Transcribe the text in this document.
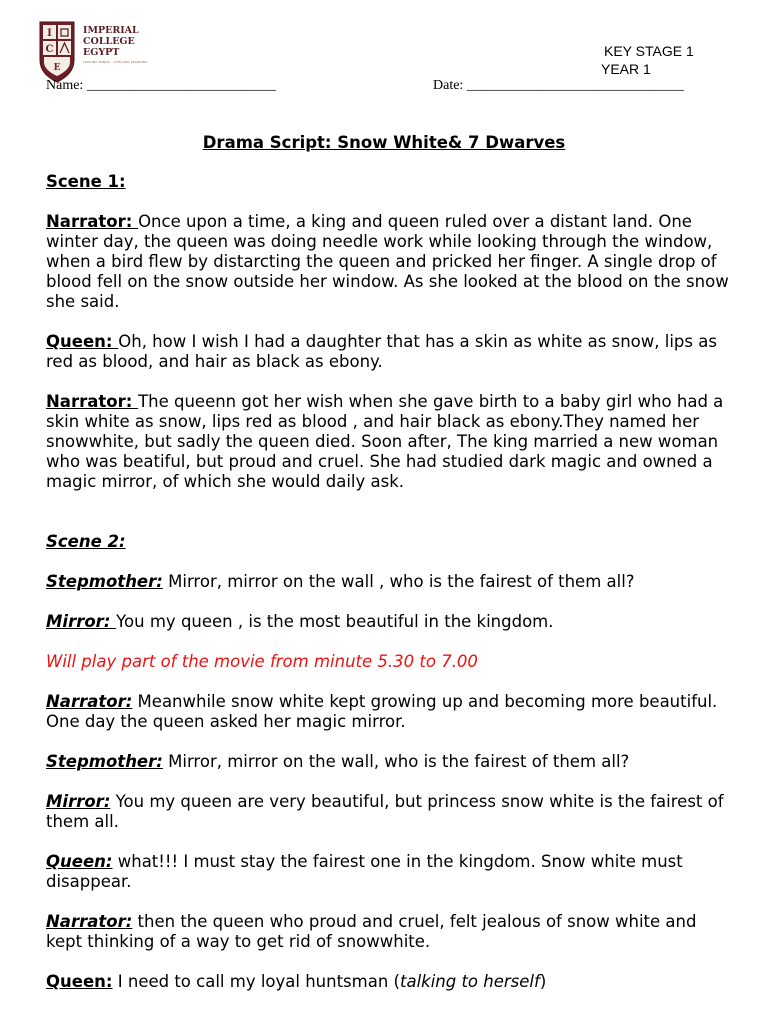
I
C
E
IMPERIAL
COLLEGE
EGYPT
LEADING MINDS · LIFELONG LEARNING
KEY STAGE 1
YEAR 1
Name: ___________________________	Date: _______________________________
Drama Script: Snow White& 7 Dwarves

Scene 1:

Narrator: Once upon a time, a king and queen ruled over a distant land. One winter day, the queen was doing needle work while looking through the window, when a bird flew by distarcting the queen and pricked her finger. A single drop of blood fell on the snow outside her window. As she looked at the blood on the snow she said.

Queen: Oh, how I wish I had a daughter that has a skin as white as snow, lips as red as blood, and hair as black as ebony.

Narrator: The queenn got her wish when she gave birth to a baby girl who had a skin white as snow, lips red as blood , and hair black as ebony.They named her snowwhite, but sadly the queen died. Soon after, The king married a new woman who was beatiful, but proud and cruel. She had studied dark magic and owned a magic mirror, of which she would daily ask.

Scene 2:

Stepmother: Mirror, mirror on the wall , who is the fairest of them all?

Mirror: You my queen , is the most beautiful in the kingdom.

Will play part of the movie from minute 5.30 to 7.00

Narrator: Meanwhile snow white kept growing up and becoming more beautiful. One day the queen asked her magic mirror.

Stepmother: Mirror, mirror on the wall, who is the fairest of them all?

Mirror: You my queen are very beautiful, but princess snow white is the fairest of them all.

Queen: what!!! I must stay the fairest one in the kingdom. Snow white must disappear.

Narrator: then the queen who proud and cruel, felt jealous of snow white and kept thinking of a way to get rid of snowwhite.

Queen: I need to call my loyal huntsman (talking to herself)
